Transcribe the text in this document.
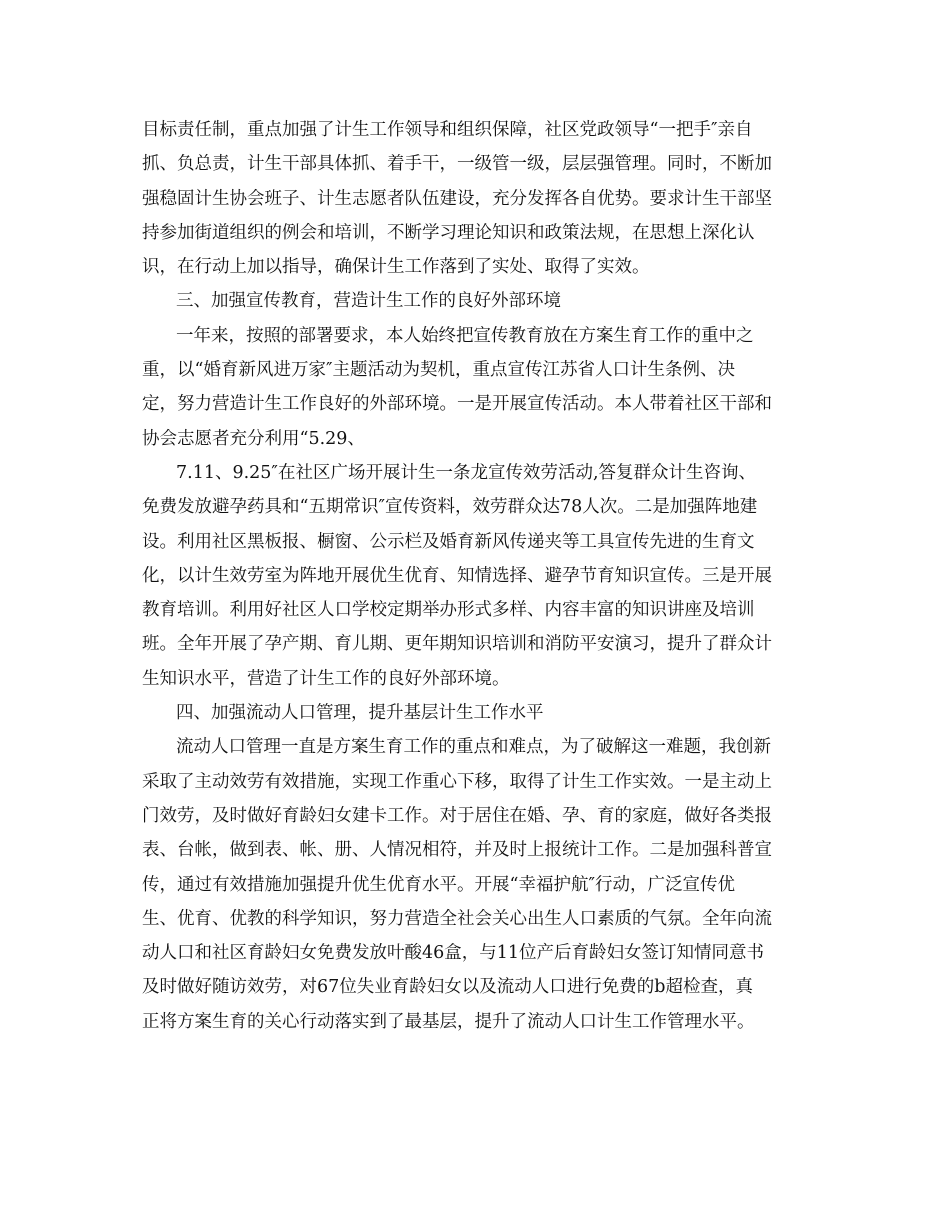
目标责任制，重点加强了计生工作领导和组织保障，社区党政领导“一把手″亲自
抓、负总责，计生干部具体抓、着手干，一级管一级，层层强管理。同时，不断加
强稳固计生协会班子、计生志愿者队伍建设，充分发挥各自优势。要求计生干部坚
持参加街道组织的例会和培训，不断学习理论知识和政策法规，在思想上深化认
识，在行动上加以指导，确保计生工作落到了实处、取得了实效。
三、加强宣传教育，营造计生工作的良好外部环境
一年来，按照的部署要求，本人始终把宣传教育放在方案生育工作的重中之
重，以“婚育新风进万家″主题活动为契机，重点宣传江苏省人口计生条例、决
定，努力营造计生工作良好的外部环境。一是开展宣传活动。本人带着社区干部和
协会志愿者充分利用“5.29、
7.11、9.25″在社区广场开展计生一条龙宣传效劳活动,答复群众计生咨询、
免费发放避孕药具和“五期常识″宣传资料，效劳群众达78人次。二是加强阵地建
设。利用社区黑板报、橱窗、公示栏及婚育新风传递夹等工具宣传先进的生育文
化，以计生效劳室为阵地开展优生优育、知情选择、避孕节育知识宣传。三是开展
教育培训。利用好社区人口学校定期举办形式多样、内容丰富的知识讲座及培训
班。全年开展了孕产期、育儿期、更年期知识培训和消防平安演习，提升了群众计
生知识水平，营造了计生工作的良好外部环境。
四、加强流动人口管理，提升基层计生工作水平
流动人口管理一直是方案生育工作的重点和难点，为了破解这一难题，我创新
采取了主动效劳有效措施，实现工作重心下移，取得了计生工作实效。一是主动上
门效劳，及时做好育龄妇女建卡工作。对于居住在婚、孕、育的家庭，做好各类报
表、台帐，做到表、帐、册、人情况相符，并及时上报统计工作。二是加强科普宣
传，通过有效措施加强提升优生优育水平。开展“幸福护航″行动，广泛宣传优
生、优育、优教的科学知识，努力营造全社会关心出生人口素质的气氛。全年向流
动人口和社区育龄妇女免费发放叶酸46盒，与11位产后育龄妇女签订知情同意书
及时做好随访效劳，对67位失业育龄妇女以及流动人口进行免费的b超检查，真
正将方案生育的关心行动落实到了最基层，提升了流动人口计生工作管理水平。
